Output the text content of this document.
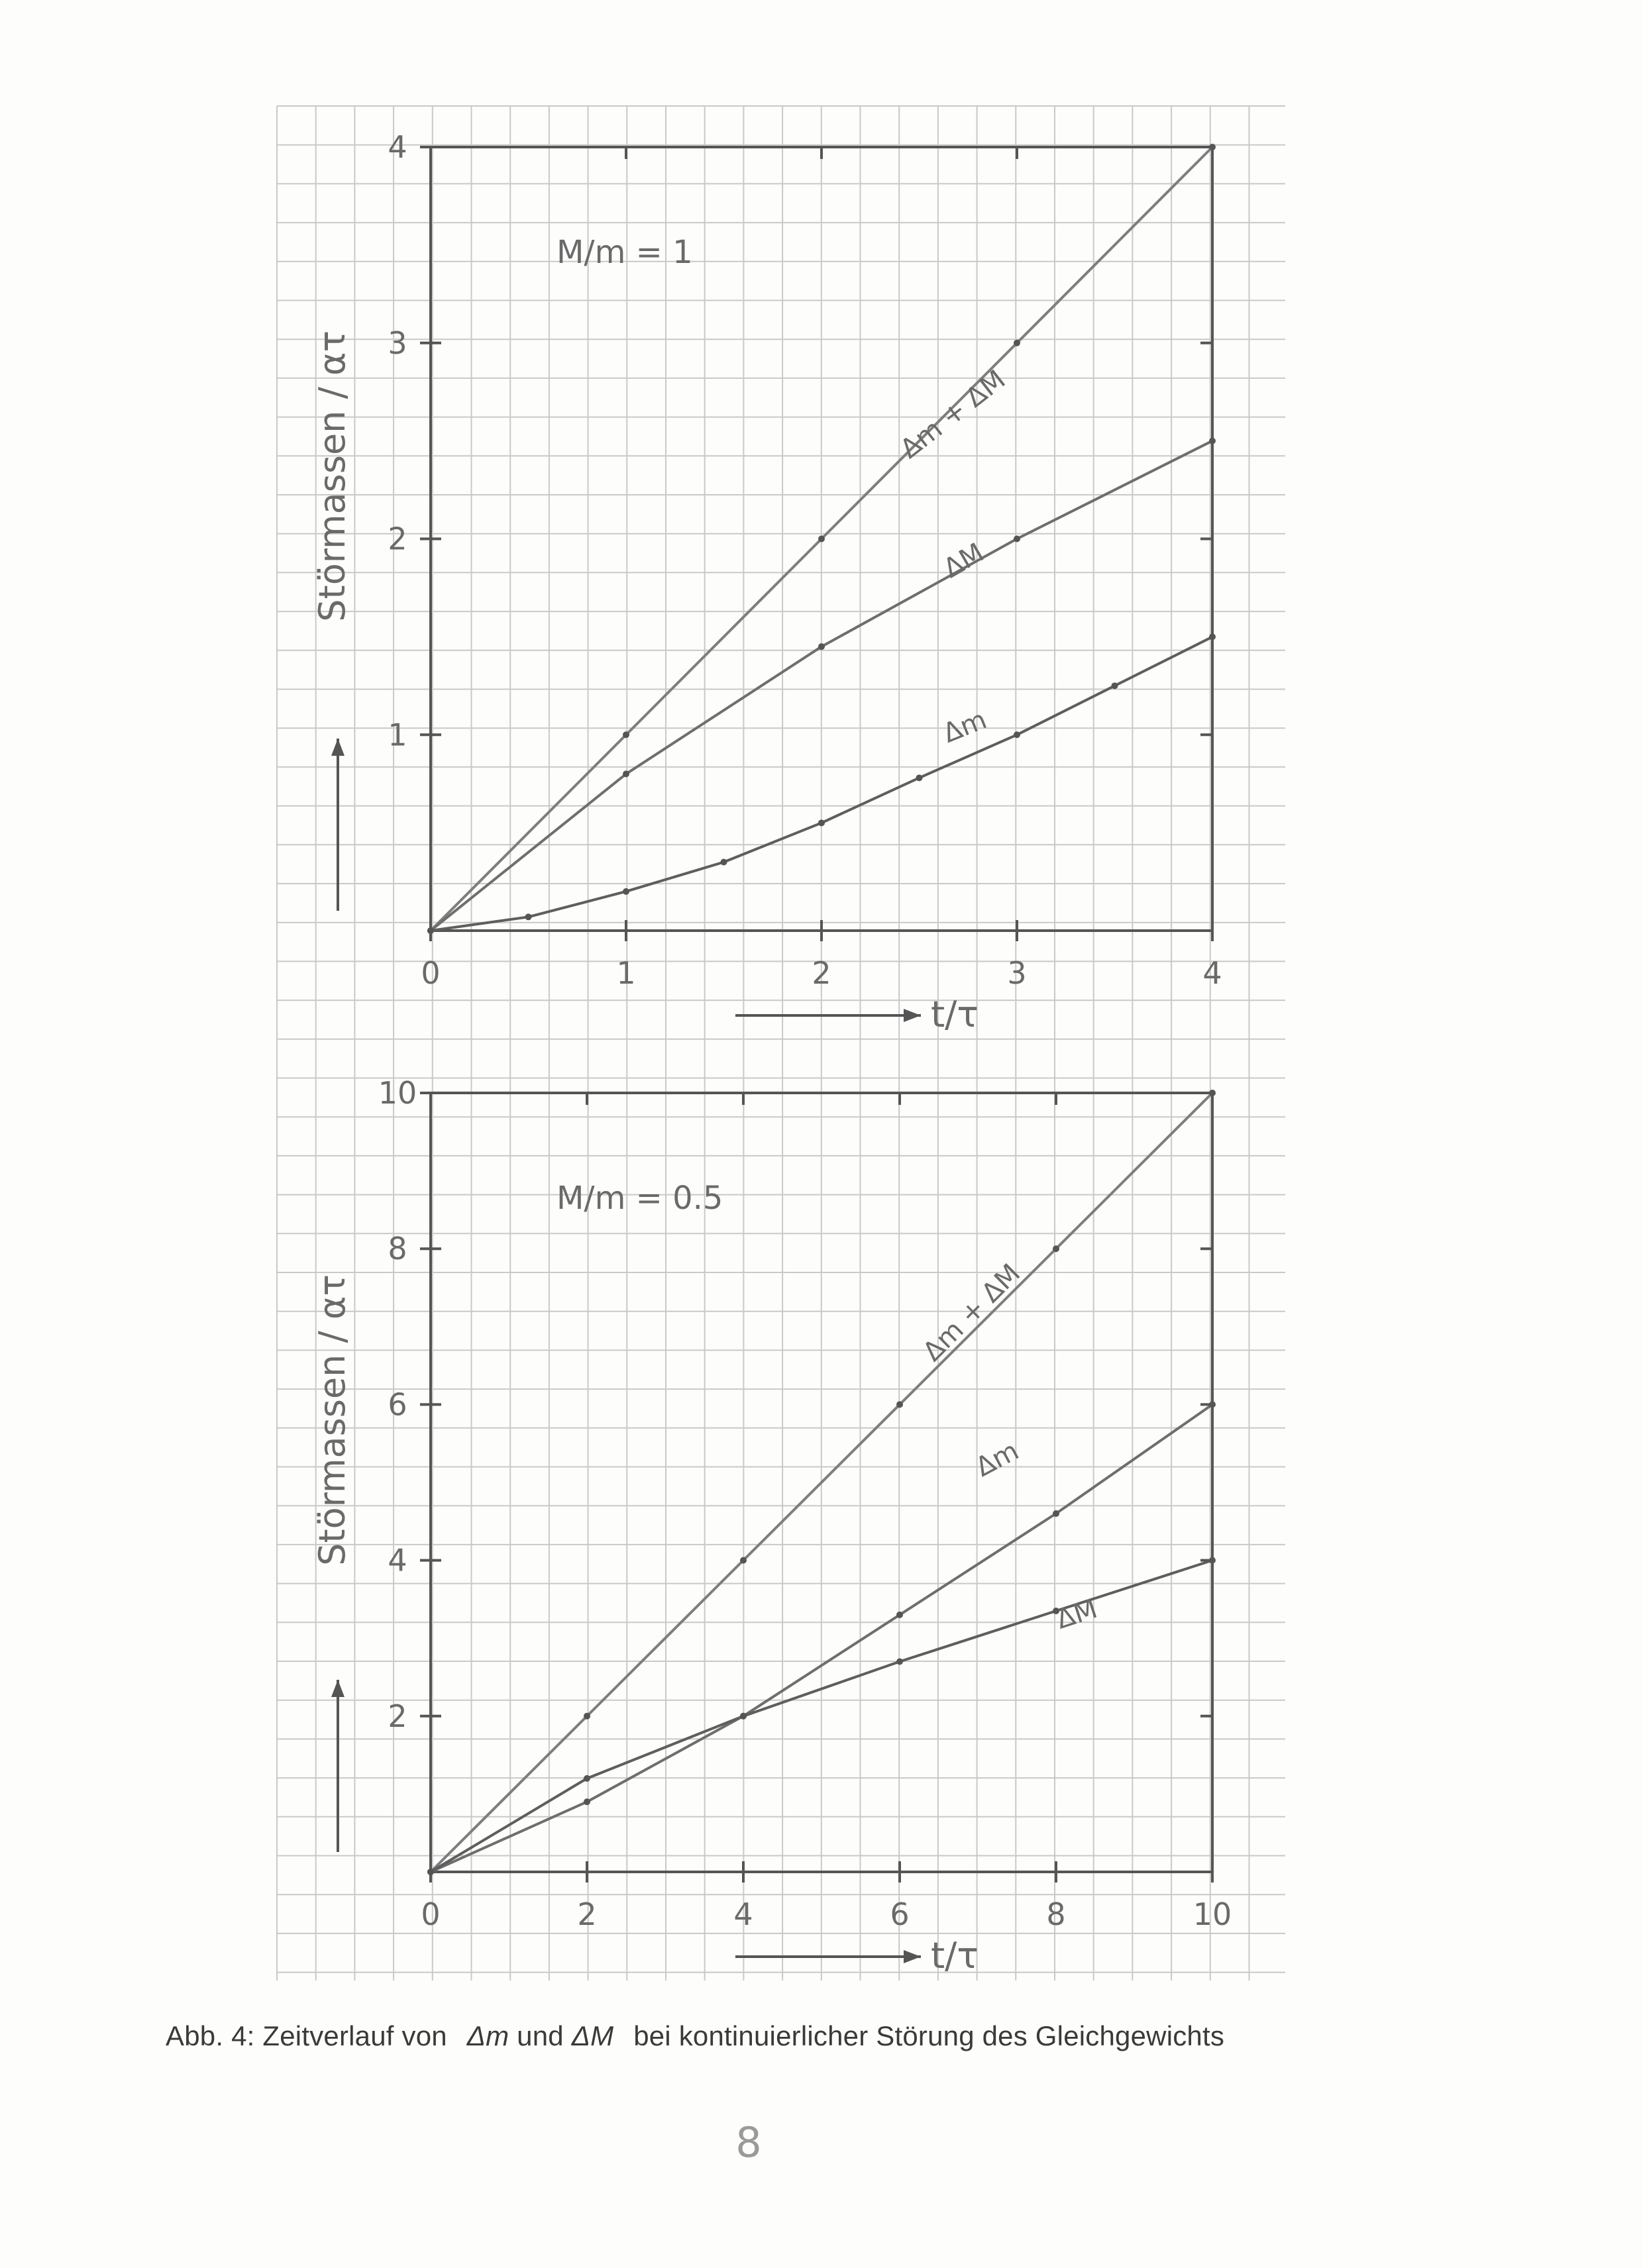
Δm + ΔM
ΔM
Δm
0	1	2	3	4
1
2
3
4
M/m = 1
t/τ
Störmassen / ατ
Δm + ΔM
Δm
ΔM
0	2	4	6	8	10
2
4
6
8
10
M/m = 0.5
t/τ
Störmassen / ατ
Abb. 4: Zeitverlauf von Δm und ΔM bei kontinuierlicher Störung des Gleichgewichts
8
